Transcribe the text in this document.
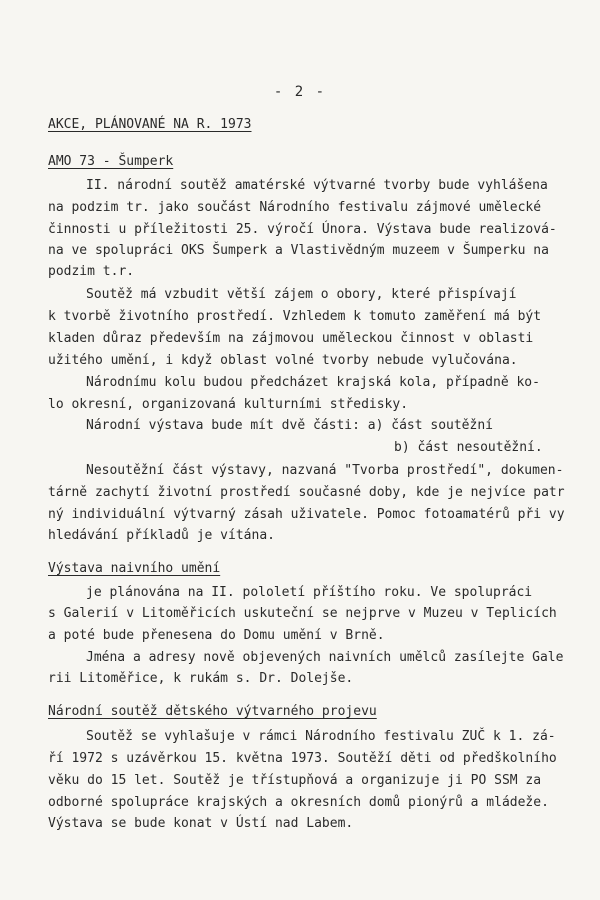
- 2 -
AKCE, PLÁNOVANÉ NA R. 1973
AMO 73 - Šumperk
II. národní soutěž amatérské výtvarné tvorby bude vyhlášena
na podzim tr. jako součást Národního festivalu zájmové umělecké
činnosti u příležitosti 25. výročí Února. Výstava bude realizová-
na ve spolupráci OKS Šumperk a Vlastivědným muzeem v Šumperku na
podzim t.r.
Soutěž má vzbudit větší zájem o obory, které přispívají
k tvorbě životního prostředí. Vzhledem k tomuto zaměření má být
kladen důraz především na zájmovou uměleckou činnost v oblasti
užitého umění, i když oblast volné tvorby nebude vylučována.
Národnímu kolu budou předcházet krajská kola, případně ko-
lo okresní, organizovaná kulturními středisky.
Národní výstava bude mít dvě části: a) část soutěžní
b) část nesoutěžní.
Nesoutěžní část výstavy, nazvaná "Tvorba prostředí", dokumen-
tárně zachytí životní prostředí současné doby, kde je nejvíce patr
ný individuální výtvarný zásah uživatele. Pomoc fotoamatérů při vy
hledávání příkladů je vítána.
Výstava naivního umění
je plánována na II. pololetí příštího roku. Ve spolupráci
s Galerií v Litoměřicích uskuteční se nejprve v Muzeu v Teplicích
a poté bude přenesena do Domu umění v Brně.
Jména a adresy nově objevených naivních umělců zasílejte Gale
rii Litoměřice, k rukám s. Dr. Dolejše.
Národní soutěž dětského výtvarného projevu
Soutěž se vyhlašuje v rámci Národního festivalu ZUČ k 1. zá-
ří 1972 s uzávěrkou 15. května 1973. Soutěží děti od předškolního
věku do 15 let. Soutěž je třístupňová a organizuje ji PO SSM za
odborné spolupráce krajských a okresních domů pionýrů a mládeže.
Výstava se bude konat v Ústí nad Labem.
